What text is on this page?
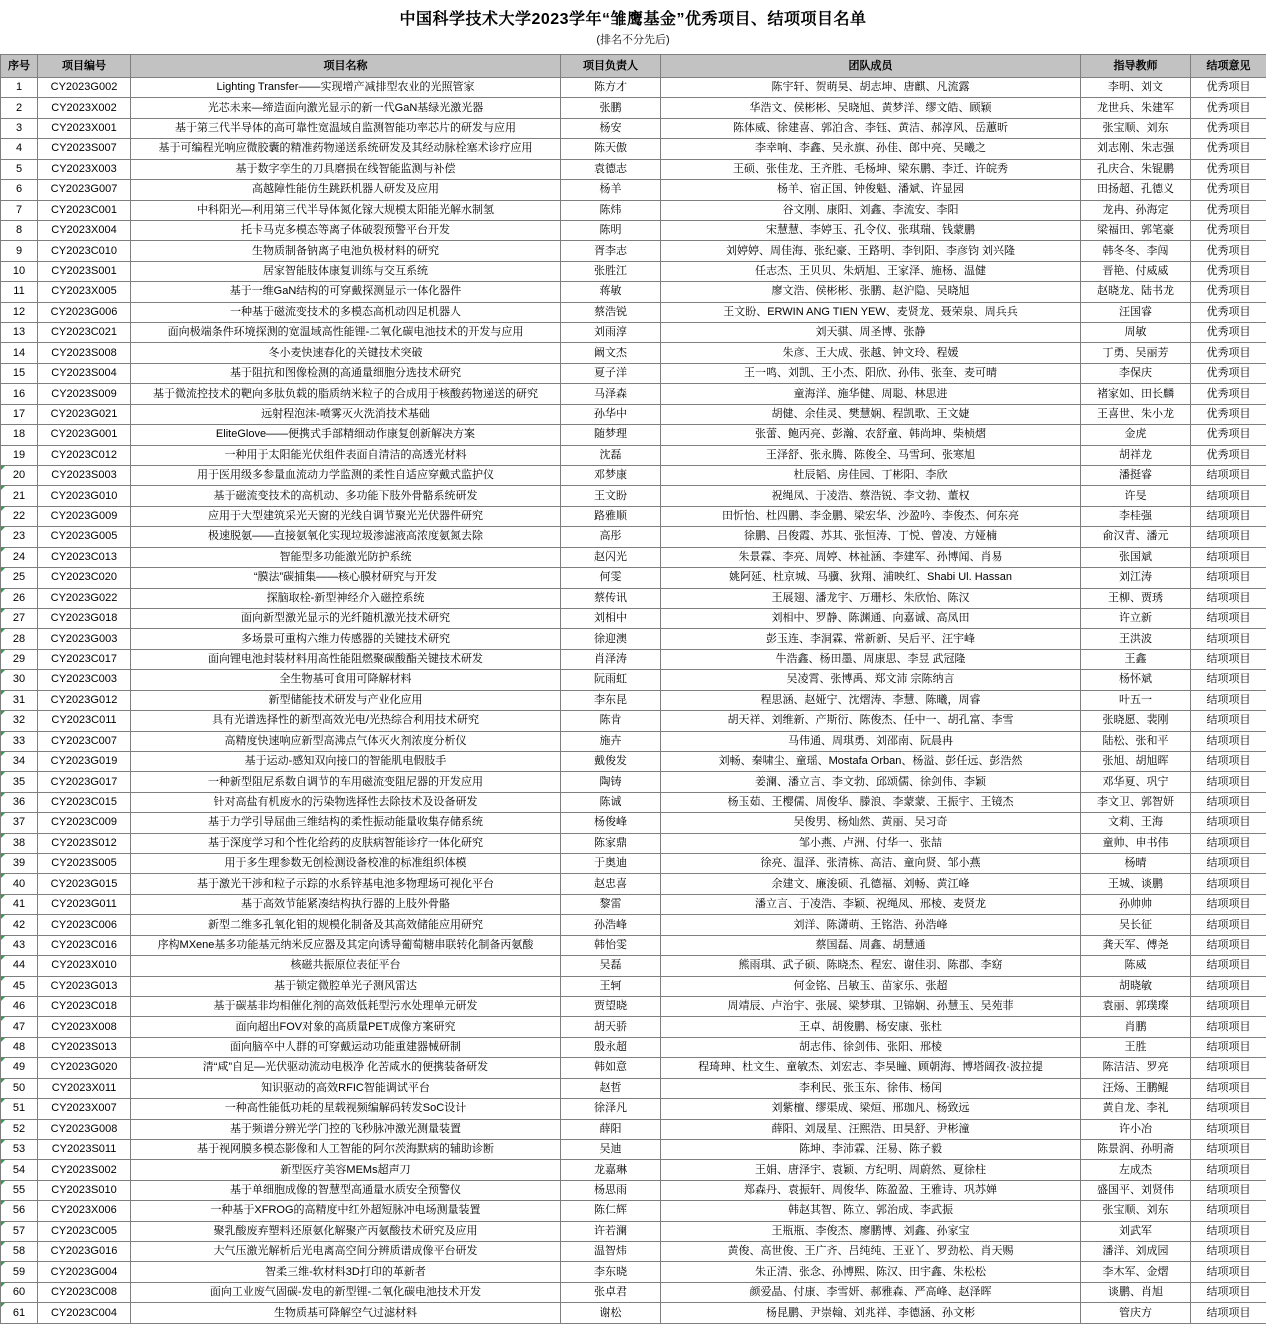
中国科学技术大学2023学年“雏鹰基金”优秀项目、结项项目名单
(排名不分先后)
序号	项目编号	项目名称	项目负责人	团队成员	指导教师	结项意见
1	CY2023G002	Lighting Transfer——实现增产减排型农业的光照管家	陈方才	陈宇轩、贺萌昊、胡志坤、唐麒、凡流露	李明、刘文	优秀项目
2	CY2023X002	光芯未来—缔造面向激光显示的新一代GaN基绿光激光器	张鹏	华浩文、侯彬彬、吴晓旭、黄梦洋、缪文皓、顾颖	龙世兵、朱建军	优秀项目
3	CY2023X001	基于第三代半导体的高可靠性宽温域自监测智能功率芯片的研发与应用	杨安	陈体威、徐建喜、郭泊含、李钰、黄洁、郝淳风、岳蕙昕	张宝顺、刘东	优秀项目
4	CY2023S007	基于可编程光响应微胶囊的精准药物递送系统研发及其经动脉栓塞术诊疗应用	陈天傲	李幸响、李鑫、吴永旗、孙佳、郎中亮、吴曦之	刘志刚、朱志强	优秀项目
5	CY2023X003	基于数字孪生的刀具磨损在线智能监测与补偿	袁德志	王硕、张佳龙、王齐胜、毛杨坤、梁东鹏、李迁、许皖秀	孔庆合、朱锟鹏	优秀项目
6	CY2023G007	高越障性能仿生跳跃机器人研发及应用	杨羊	杨羊、宿正国、钟俊魁、潘斌、许显园	田扬超、孔德义	优秀项目
7	CY2023C001	中科阳光—利用第三代半导体氮化镓大规模太阳能光解水制氢	陈炜	谷文刚、康阳、刘鑫、李流安、李阳	龙冉、孙海定	优秀项目
8	CY2023X004	托卡马克多模态等离子体破裂预警平台开发	陈明	宋慧慧、李婷玉、孔令仪、张琪瑞、钱蒙鹏	梁福田、郭笔豪	优秀项目
9	CY2023C010	生物质制备钠离子电池负极材料的研究	胥李志	刘婷婷、周佳海、张纪豪、王路明、李钊阳、李彦钧 刘兴隆	韩冬冬、李闯	优秀项目
10	CY2023S001	居家智能肢体康复训练与交互系统	张胜江	任志杰、王贝贝、朱炳旭、王家泽、施杨、温健	晋艳、付威威	优秀项目
11	CY2023X005	基于一维GaN结构的可穿戴探测显示一体化器件	蒋敏	廖文浩、侯彬彬、张鹏、赵沪隐、吴晓旭	赵晓龙、陆书龙	优秀项目
12	CY2023G006	一种基于磁流变技术的多模态高机动四足机器人	蔡浩锐	王文盼、ERWIN ANG TIEN YEW、麦贤龙、聂荣泉、周兵兵	汪国睿	优秀项目
13	CY2023C021	面向极端条件环境探测的宽温域高性能锂-二氧化碳电池技术的开发与应用	刘雨淳	刘天骐、周圣博、张静	周敏	优秀项目
14	CY2023S008	冬小麦快速春化的关键技术突破	阚文杰	朱彦、王大成、张越、钟文玲、程媛	丁勇、吴丽芳	优秀项目
15	CY2023S004	基于阻抗和图像检测的高通量细胞分选技术研究	夏子洋	王一鸣、刘凯、王小杰、阳欣、孙伟、张奎、麦可晴	李保庆	优秀项目
16	CY2023S009	基于微流控技术的靶向多肽负载的脂质纳米粒子的合成用于核酸药物递送的研究	马泽森	童海洋、施华健、周聪、林思进	褚家如、田长麟	优秀项目
17	CY2023G021	远射程泡沫-喷雾灭火洗消技术基础	孙华中	胡健、余佳灵、樊慧娴、程凯歌、王文婕	王喜世、朱小龙	优秀项目
18	CY2023G001	EliteGlove——便携式手部精细动作康复创新解决方案	随梦理	张蕾、鲍丙亮、彭瀚、农舒童、韩尚坤、柴桢熠	金虎	优秀项目
19	CY2023C012	一种用于太阳能光伏组件表面自清洁的高透光材料	沈磊	王泽舒、张永腾、陈俊全、马雪珂、张寒旭	胡祥龙	优秀项目
20	CY2023S003	用于医用级多参量血流动力学监测的柔性自适应穿戴式监护仪	邓梦康	杜辰韬、房佳园、丁彬阳、李欣	潘挺睿	结项项目
21	CY2023G010	基于磁流变技术的高机动、多功能下肢外骨骼系统研发	王文盼	祝绳凤、于凌浩、蔡浩锐、李文勃、董权	许旻	结项项目
22	CY2023G009	应用于大型建筑采光天窗的光线自调节聚光光伏器件研究	路雅顺	田忻怡、杜四鹏、李金鹏、梁宏华、沙盈吟、李俊杰、何东亮	李桂强	结项项目
23	CY2023G005	极速脱氨——直接氨氧化实现垃圾渗滤液高浓度氨氮去除	高彤	徐鹏、吕俊霞、苏其、张恒涛、丁悦、曾凌、方娅楠	俞汉青、潘元	结项项目
24	CY2023C013	智能型多功能激光防护系统	赵闪光	朱景霖、李亮、周婷、林祉涵、李建军、孙博闻、肖易	张国斌	结项项目
25	CY2023C020	“膜法”碳捕集——核心膜材研究与开发	何雯	姚阿延、杜京城、马骥、狄翔、浦映红、Shabi Ul. Hassan	刘江涛	结项项目
26	CY2023G022	探脑取栓-新型神经介入磁控系统	蔡传讯	王展翅、潘龙宇、万珊杉、朱欣怡、陈汉	王柳、贾琇	结项项目
27	CY2023G018	面向新型激光显示的光纤随机激光技术研究	刘相中	刘相中、罗静、陈渊通、向嘉诚、高凤田	许立新	结项项目
28	CY2023G003	多场景可重构六维力传感器的关键技术研究	徐迎澳	彭玉连、李洞霖、常新新、吴后平、汪宇峰	王洪波	结项项目
29	CY2023C017	面向锂电池封装材料用高性能阻燃聚碳酸酯关键技术研发	肖泽涛	牛浩鑫、杨田墨、周康思、李昱 武冠隆	王鑫	结项项目
30	CY2023C003	全生物基可食用可降解材料	阮雨虹	吴凌霄、张博禹、郑文沛 宗陈纳言	杨怀斌	结项项目
31	CY2023G012	新型储能技术研发与产业化应用	李东昆	程思涵、赵娅宁、沈熠涛、李慧、陈曦，周睿	叶五一	结项项目
32	CY2023C011	具有光谱选择性的新型高效光电/光热综合利用技术研究	陈肯	胡天祥、刘维新、产斯衍、陈俊杰、任中一、胡孔富、李雪	张晓愿、裴刚	结项项目
33	CY2023C007	高精度快速响应新型高沸点气体灭火剂浓度分析仪	施卉	马伟通、周琪勇、刘邵南、阮晨冉	陆松、张和平	结项项目
34	CY2023G019	基于运动-感知双向接口的智能肌电假肢手	戴俊发	刘畅、秦啸尘、童瑶、Mostafa Orban、杨溢、彭任远、彭浩然	张旭、胡旭晖	结项项目
35	CY2023G017	一种新型阻尼系数自调节的车用磁流变阻尼器的开发应用	陶铸	姜澜、潘立言、李文勃、邱颂儒、徐剑伟、李颖	邓华夏、巩宁	结项项目
36	CY2023C015	针对高盐有机废水的污染物选择性去除技术及设备研发	陈诚	杨玉茹、王樱儒、周俊华、滕浪、李蒙蒙、王振宇、王镜杰	李文卫、郭智妍	结项项目
37	CY2023C009	基于力学引导屈曲三维结构的柔性振动能量收集存储系统	杨俊峰	吴俊男、杨灿然、黄丽、吴习奇	文莉、王海	结项项目
38	CY2023S012	基于深度学习和个性化给药的皮肤病智能诊疗一体化研究	陈家鼎	邹小燕、卢洲、付华一、张喆	童帅、申书伟	结项项目
39	CY2023S005	用于多生理参数无创检测设备校准的标准组织体模	于奥迪	徐亮、温泽、张清栋、高洁、童向贤、邹小燕	杨晴	结项项目
40	CY2023G015	基于激光干涉和粒子示踪的水系锌基电池多物理场可视化平台	赵忠喜	余建文、廉浚硕、孔德福、刘畅、黄江峰	王城、谈鹏	结项项目
41	CY2023G011	基于高效节能紧凑结构执行器的上肢外骨骼	黎雷	潘立言、于凌浩、李颖、祝绳凤、邢棱、麦贤龙	孙帅帅	结项项目
42	CY2023C006	新型二维多孔氧化钼的规模化制备及其高效储能应用研究	孙浩峰	刘洋、陈潇萌、王铭浩、孙浩峰	吴长征	结项项目
43	CY2023C016	序构MXene基多功能基元纳米反应器及其定向诱导葡萄糖串联转化制备丙氨酸	韩怡雯	蔡国磊、周鑫、胡慧通	龚天军、傅尧	结项项目
44	CY2023X010	核磁共振原位表征平台	吴磊	熊雨琪、武子硕、陈晓杰、程宏、谢佳羽、陈郡、李窈	陈威	结项项目
45	CY2023G013	基于锁定微腔单光子测风雷达	王轲	何金铭、吕敏玉、苗家乐、张超	胡晓敏	结项项目
46	CY2023C018	基于碳基非均相催化剂的高效低耗型污水处理单元研发	贾望晓	周靖辰、卢治宇、张展、梁梦琪、卫锦娴、孙慧玉、吴苑菲	袁丽、郭璞璨	结项项目
47	CY2023X008	面向超出FOV对象的高质量PET成像方案研究	胡天骄	王卓、胡俊鹏、杨安康、张杜	肖鹏	结项项目
48	CY2023S013	面向脑卒中人群的可穿戴运动功能重建器械研制	殷永超	胡志伟、徐剑伟、张阳、邢棱	王胜	结项项目
49	CY2023G020	清“咸”自足—光伏驱动流动电极净 化苦咸水的便携装备研发	韩如意	程琦珅、杜文生、童敏杰、刘宏志、李昊瞳、顾朝海、博塔阔孜·波拉提	陈洁洁、罗亮	结项项目
50	CY2023X011	知识驱动的高效RFIC智能调试平台	赵哲	李利民、张玉东、徐伟、杨闰	汪炀、王鹏鲲	结项项目
51	CY2023X007	一种高性能低功耗的星载视频编解码转发SoC设计	徐泽凡	刘紫檀、缪渠成、梁烜、邢珈凡、杨致远	黄自龙、李礼	结项项目
52	CY2023G008	基于频谱分辨光学门控的飞秒脉冲激光测量装置	薛阳	薛阳、刘晟星、汪熙浩、田昊舒、尹彬潼	许小冶	结项项目
53	CY2023S011	基于视网膜多模态影像和人工智能的阿尔茨海默病的辅助诊断	吴迪	陈坤、李沛霖、汪易、陈子毅	陈景润、孙明斋	结项项目
54	CY2023S002	新型医疗美容MEMs超声刀	龙嘉琳	王娟、唐泽宇、袁颖、方纪明、周蔚然、夏徐柱	左成杰	结项项目
55	CY2023S010	基于单细胞成像的智慧型高通量水质安全预警仪	杨思雨	郑森丹、袁振轩、周俊华、陈盈盈、王雅诗、巩苏婵	盛国平、刘贤伟	结项项目
56	CY2023X006	一种基于XFROG的高精度中红外超短脉冲电场测量装置	陈仁辉	韩赵其智、陈立、郭治成、李武振	张宝顺、刘东	结项项目
57	CY2023C005	聚乳酸废弃塑料还原氨化解聚产丙氨酸技术研究及应用	许若澜	王瓶瓶、李俊杰、廖鹏博、刘鑫、孙家宝	刘武军	结项项目
58	CY2023G016	大气压激光解析后光电离高空间分辨质谱成像平台研发	温智炜	黄俊、高世俊、王广齐、吕纯纯、王亚丫、罗劲松、肖天赐	潘洋、刘成园	结项项目
59	CY2023G004	智柔三维-软材料3D打印的革新者	李东晓	朱正清、张念、孙博熙、陈汉、田宇鑫、朱松松	李木军、金熠	结项项目
60	CY2023C008	面向工业废气固碳-发电的新型锂-二氧化碳电池技术开发	张卓君	颜爱晶、付康、李雪妍、郝雅森、严高峰、赵泽晖	谈鹏、肖旭	结项项目
61	CY2023C004	生物质基可降解空气过滤材料	谢松	杨昆鹏、尹崇翰、刘兆祥、李德涵、孙文彬	管庆方	结项项目
